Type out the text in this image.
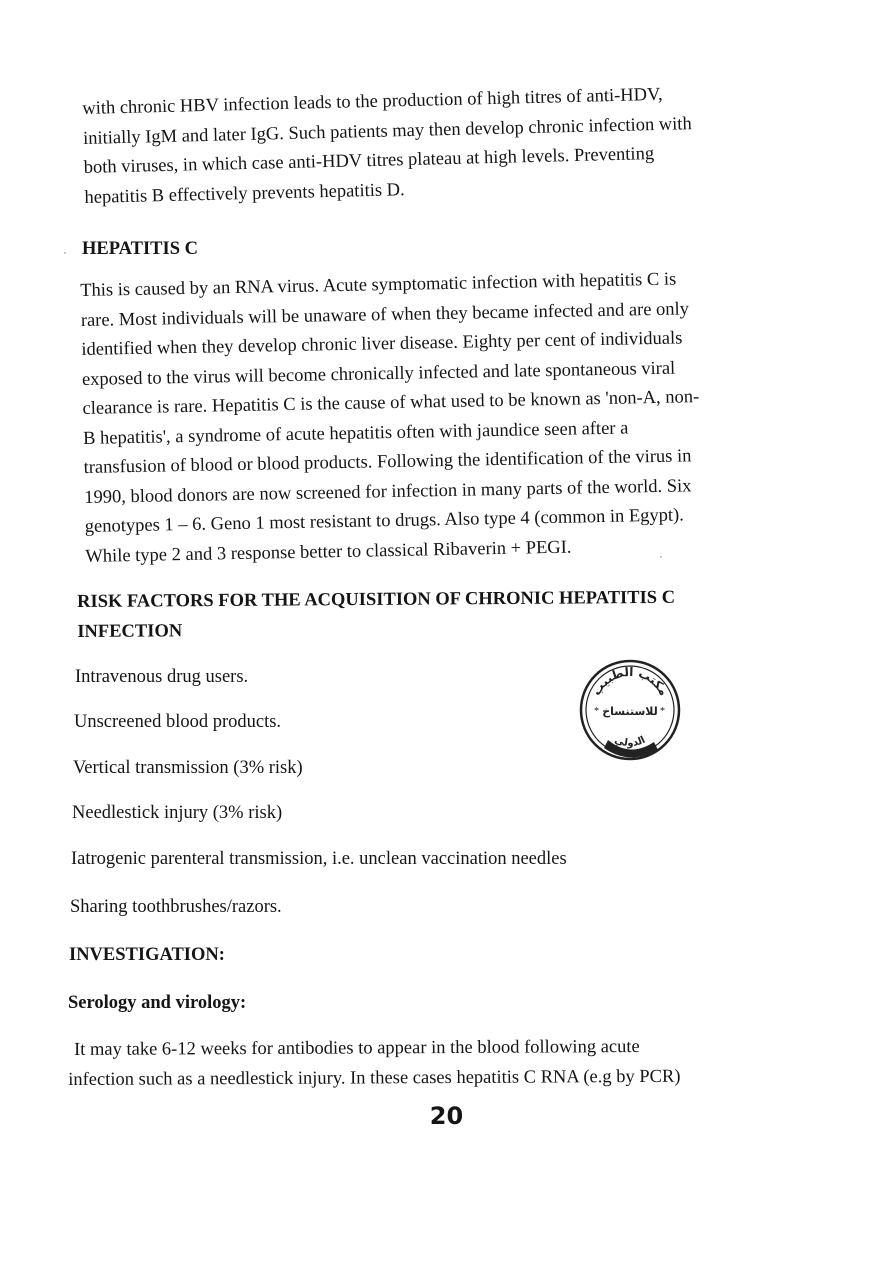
with chronic HBV infection leads to the production of high titres of anti-HDV,
initially IgM and later IgG. Such patients may then develop chronic infection with
both viruses, in which case anti-HDV titres plateau at high levels. Preventing
hepatitis B effectively prevents hepatitis D.
HEPATITIS C
This is caused by an RNA virus. Acute symptomatic infection with hepatitis C is
rare. Most individuals will be unaware of when they became infected and are only
identified when they develop chronic liver disease. Eighty per cent of individuals
exposed to the virus will become chronically infected and late spontaneous viral
clearance is rare. Hepatitis C is the cause of what used to be known as 'non-A, non-
B hepatitis', a syndrome of acute hepatitis often with jaundice seen after a
transfusion of blood or blood products. Following the identification of the virus in
1990, blood donors are now screened for infection in many parts of the world. Six
genotypes 1 – 6. Geno 1 most resistant to drugs. Also type 4 (common in Egypt).
While type 2 and 3 response better to classical Ribaverin + PEGI.
RISK FACTORS FOR THE ACQUISITION OF CHRONIC HEPATITIS C
INFECTION
Intravenous drug users.
Unscreened blood products.
Vertical transmission (3% risk)
Needlestick injury (3% risk)
Iatrogenic parenteral transmission, i.e. unclean vaccination needles
Sharing toothbrushes/razors.
INVESTIGATION:
Serology and virology:
It may take 6-12 weeks for antibodies to appear in the blood following acute
infection such as a needlestick injury. In these cases hepatitis C RNA (e.g by PCR)
مكتب الطبيب
للاستنساخ
*	*
الدولي
20
